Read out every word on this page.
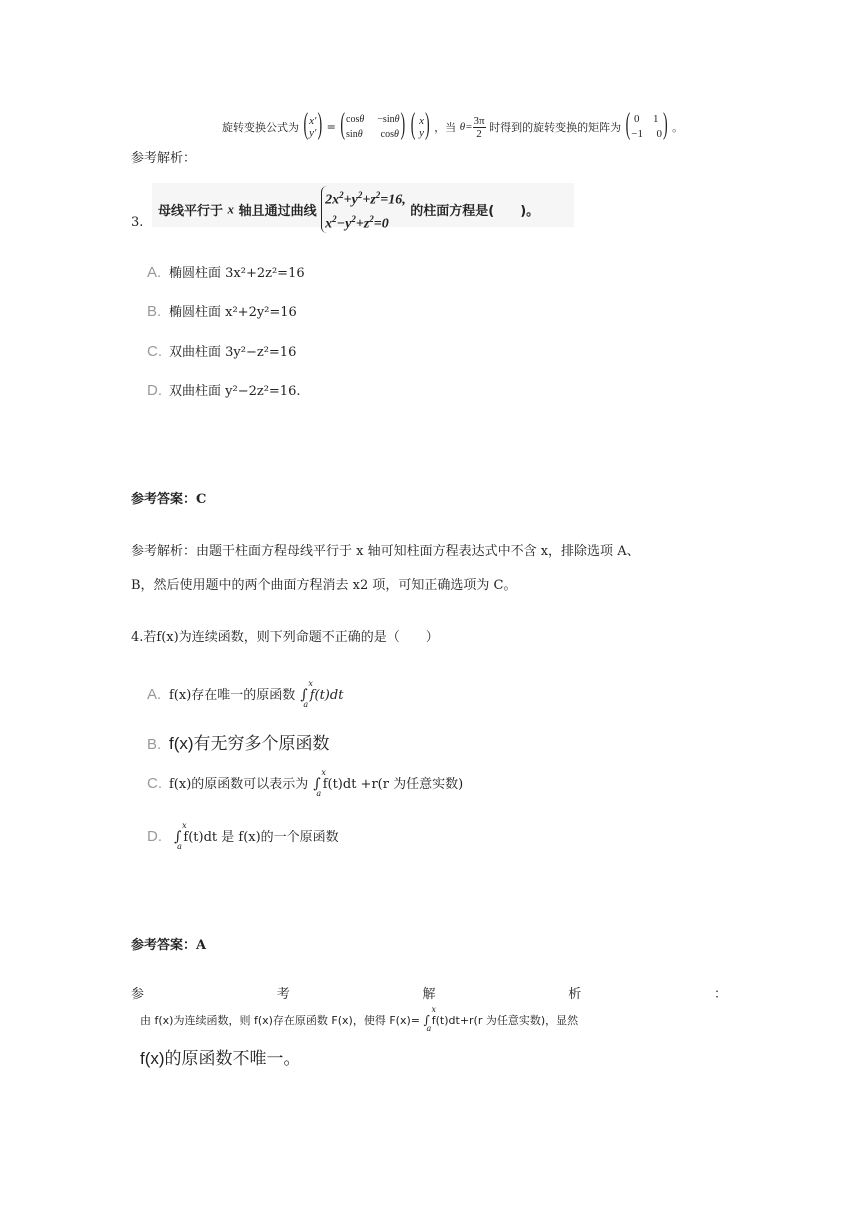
旋转变换公式为 ( x′
y′ ) = ( cosθ −sinθ
sinθ cosθ ) ( x
y ) ，当 $\theta= \frac{3\pi}{2}$ 时得到的旋转变换的矩阵为 ( 0 1
−1 0 ) 。
参考解析：
3.
母线平行于 x 轴且通过曲线
$2x^2+y^2+z^2=16$,
$x^2-y^2+z^2=0$
的柱面方程是(　　)。
A. 椭圆柱面 3x²+2z²=16
B. 椭圆柱面 x²+2y²=16
C. 双曲柱面 3y²−z²=16
D. 双曲柱面 y²−2z²=16.
参考答案：C
参考解析：由题干柱面方程母线平行于 x 轴可知柱面方程表达式中不含 x，排除选项 A、
B，然后使用题中的两个曲面方程消去 x2 项，可知正确选项为 C。
4.若f(x)为连续函数，则下列命题不正确的是（　　）
A. f(x)存在唯一的原函数 ∫
x
a
f(t)dt
B. f(x)有无穷多个原函数
C. f(x)的原函数可以表示为 ∫
x
a
f(t)dt +r(r 为任意实数)
D. ∫
x
a
f(t)dt 是 f(x)的一个原函数
参考答案：A
参	考	解	析	：
由 f(x)为连续函数，则 f(x)存在原函数 F(x)，使得 F(x)= ∫
x
a
f(t)dt+r(r 为任意实数)，显然
f(x)的原函数不唯一。
